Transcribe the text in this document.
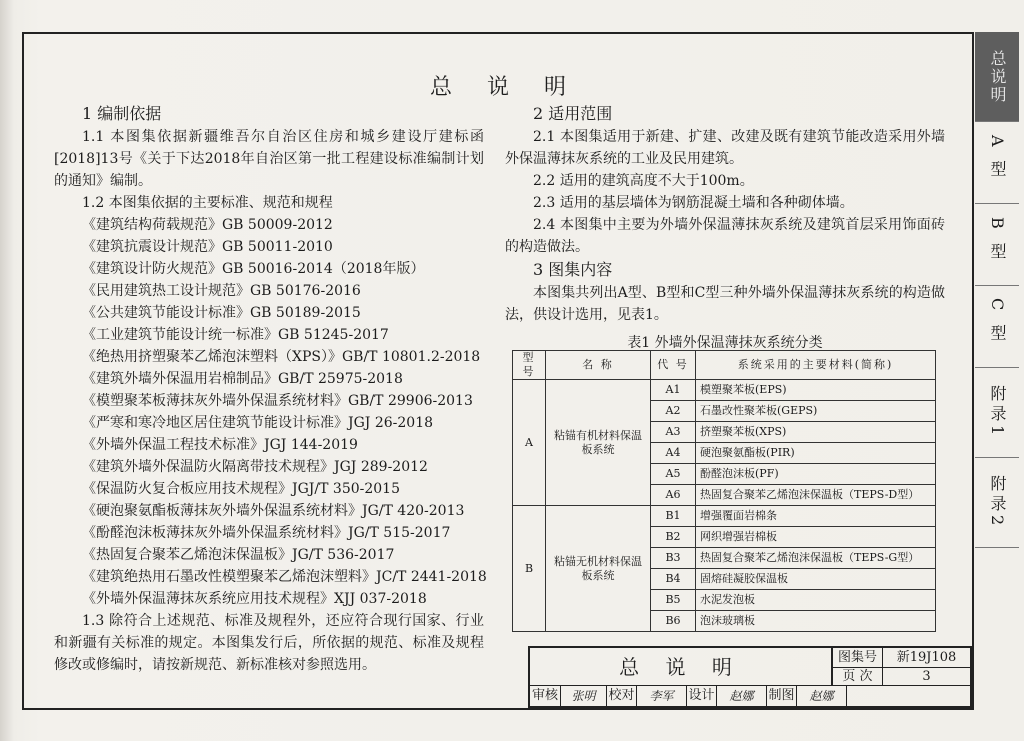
总 说 明
1 编制依据
1.1 本图集依据新疆维吾尔自治区住房和城乡建设厅建标函[2018]13号《关于下达2018年自治区第一批工程建设标准编制计划的通知》编制。
1.2 本图集依据的主要标准、规范和规程
《建筑结构荷载规范》GB 50009-2012
《建筑抗震设计规范》GB 50011-2010
《建筑设计防火规范》GB 50016-2014（2018年版）
《民用建筑热工设计规范》GB 50176-2016
《公共建筑节能设计标准》GB 50189-2015
《工业建筑节能设计统一标准》GB 51245-2017
《绝热用挤塑聚苯乙烯泡沫塑料（XPS）》GB/T 10801.2-2018
《建筑外墙外保温用岩棉制品》GB/T 25975-2018
《模塑聚苯板薄抹灰外墙外保温系统材料》GB/T 29906-2013
《严寒和寒冷地区居住建筑节能设计标准》JGJ 26-2018
《外墙外保温工程技术标准》JGJ 144-2019
《建筑外墙外保温防火隔离带技术规程》JGJ 289-2012
《保温防火复合板应用技术规程》JGJ/T 350-2015
《硬泡聚氨酯板薄抹灰外墙外保温系统材料》JG/T 420-2013
《酚醛泡沫板薄抹灰外墙外保温系统材料》JG/T 515-2017
《热固复合聚苯乙烯泡沫保温板》JG/T 536-2017
《建筑绝热用石墨改性模塑聚苯乙烯泡沫塑料》JC/T 2441-2018
《外墙外保温薄抹灰系统应用技术规程》XJJ 037-2018
1.3 除符合上述规范、标准及规程外，还应符合现行国家、行业和新疆有关标准的规定。本图集发行后，所依据的规范、标准及规程修改或修编时，请按新规范、新标准核对参照选用。
2 适用范围
2.1 本图集适用于新建、扩建、改建及既有建筑节能改造采用外墙外保温薄抹灰系统的工业及民用建筑。
2.2 适用的建筑高度不大于100m。
2.3 适用的基层墙体为钢筋混凝土墙和各种砌体墙。
2.4 本图集中主要为外墙外保温薄抹灰系统及建筑首层采用饰面砖的构造做法。
3 图集内容
本图集共列出A型、B型和C型三种外墙外保温薄抹灰系统的构造做法，供设计选用，见表1。
表1 外墙外保温薄抹灰系统分类
型号	名 称	代 号	系统采用的主要材料(简称)
A	粘锚有机材料保温板系统	A1	模塑聚苯板(EPS)
		A2	石墨改性聚苯板(GEPS)
		A3	挤塑聚苯板(XPS)
		A4	硬泡聚氨酯板(PIR)
		A5	酚醛泡沫板(PF)
		A6	热固复合聚苯乙烯泡沫保温板（TEPS-D型）
B	粘锚无机材料保温板系统	B1	增强覆面岩棉条
		B2	网织增强岩棉板
		B3	热固复合聚苯乙烯泡沫保温板（TEPS-G型）
		B4	固熔硅凝胶保温板
		B5	水泥发泡板
		B6	泡沫玻璃板
总 说 明	图集号	新19J108
页 次	3
审核	张明 校对	李军	设计	赵娜	制图	赵娜
总说明
A型
B型
C型
附录1
附录2
